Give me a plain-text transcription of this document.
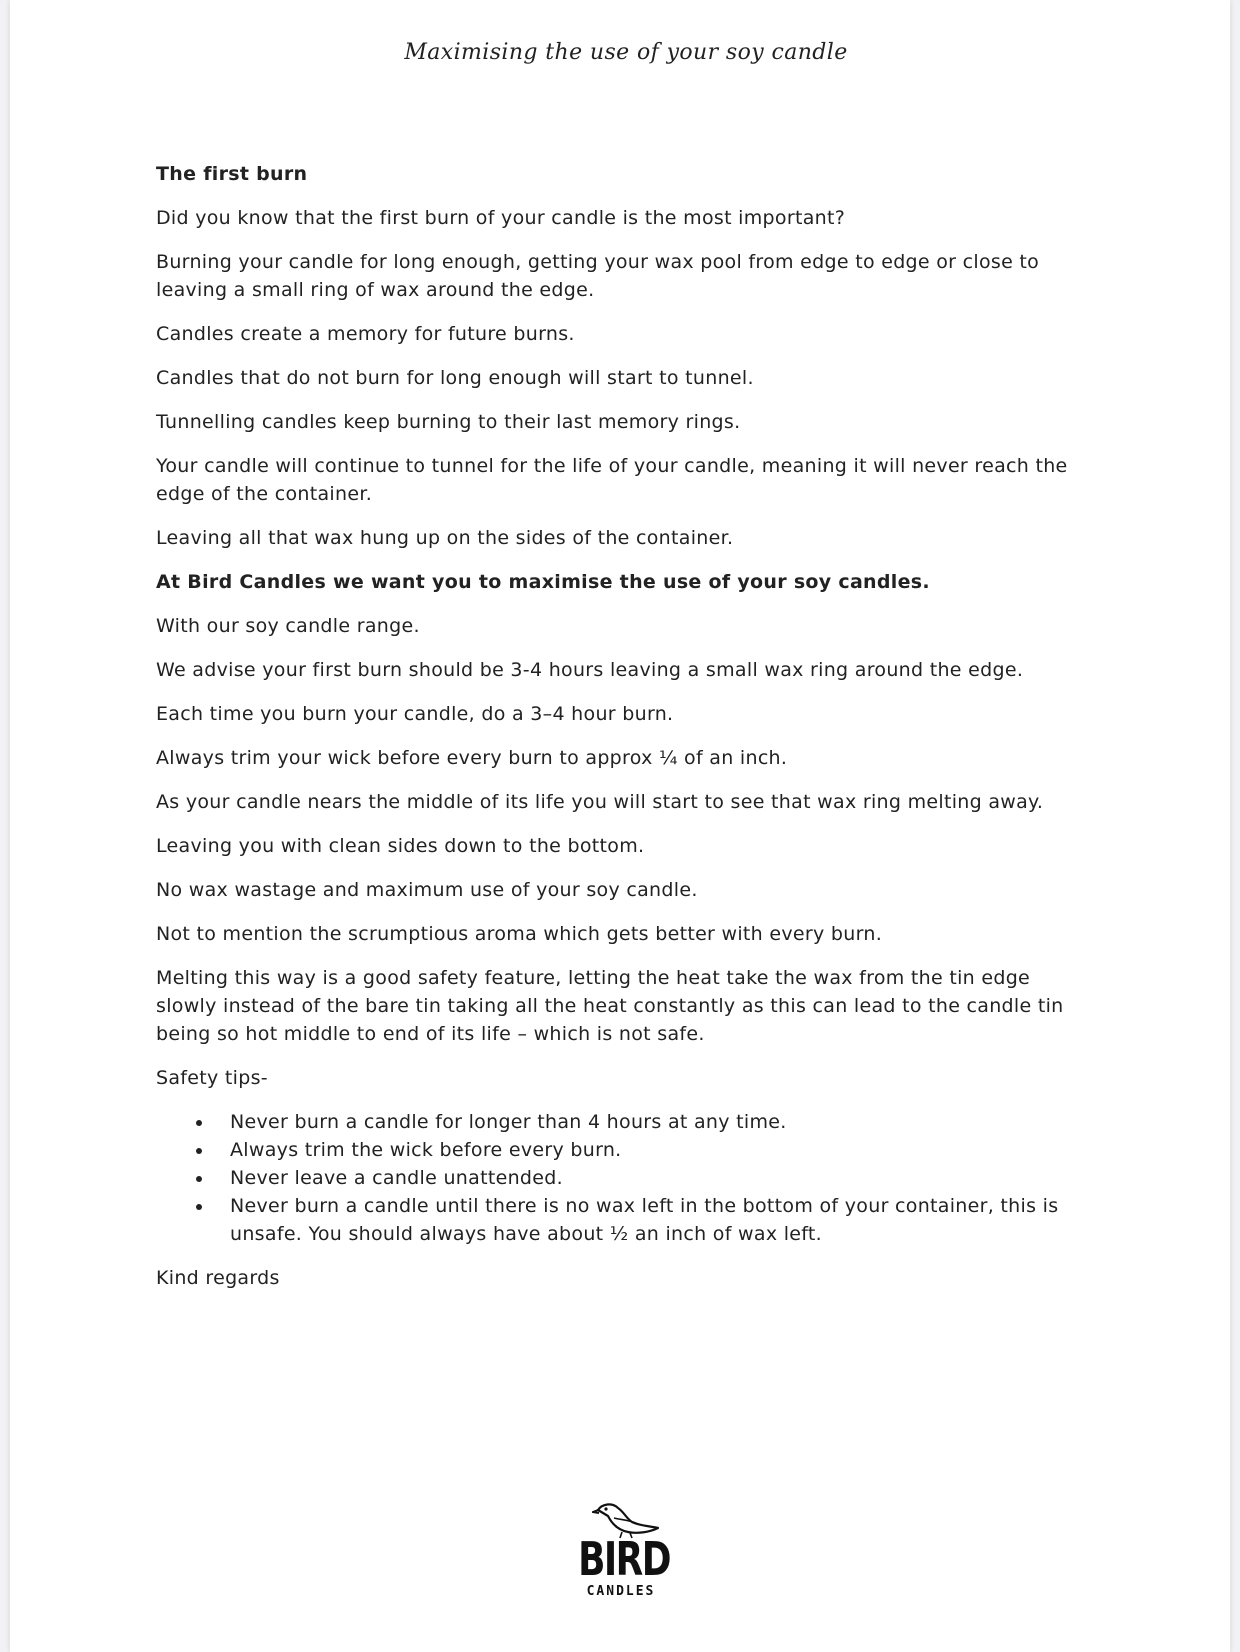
Maximising the use of your soy candle

The first burn

Did you know that the first burn of your candle is the most important?

Burning your candle for long enough, getting your wax pool from edge to edge or close to leaving a small ring of wax around the edge.

Candles create a memory for future burns.

Candles that do not burn for long enough will start to tunnel.

Tunnelling candles keep burning to their last memory rings.

Your candle will continue to tunnel for the life of your candle, meaning it will never reach the edge of the container.

Leaving all that wax hung up on the sides of the container.

At Bird Candles we want you to maximise the use of your soy candles.

With our soy candle range.

We advise your first burn should be 3-4 hours leaving a small wax ring around the edge.

Each time you burn your candle, do a 3–4 hour burn.

Always trim your wick before every burn to approx ¼ of an inch.

As your candle nears the middle of its life you will start to see that wax ring melting away.

Leaving you with clean sides down to the bottom.

No wax wastage and maximum use of your soy candle.

Not to mention the scrumptious aroma which gets better with every burn.

Melting this way is a good safety feature, letting the heat take the wax from the tin edge slowly instead of the bare tin taking all the heat constantly as this can lead to the candle tin being so hot middle to end of its life – which is not safe.

Safety tips-

Never burn a candle for longer than 4 hours at any time.
Always trim the wick before every burn.
Never leave a candle unattended.
Never burn a candle until there is no wax left in the bottom of your container, this is unsafe. You should always have about ½ an inch of wax left.

Kind regards

BIRD
CANDLES
